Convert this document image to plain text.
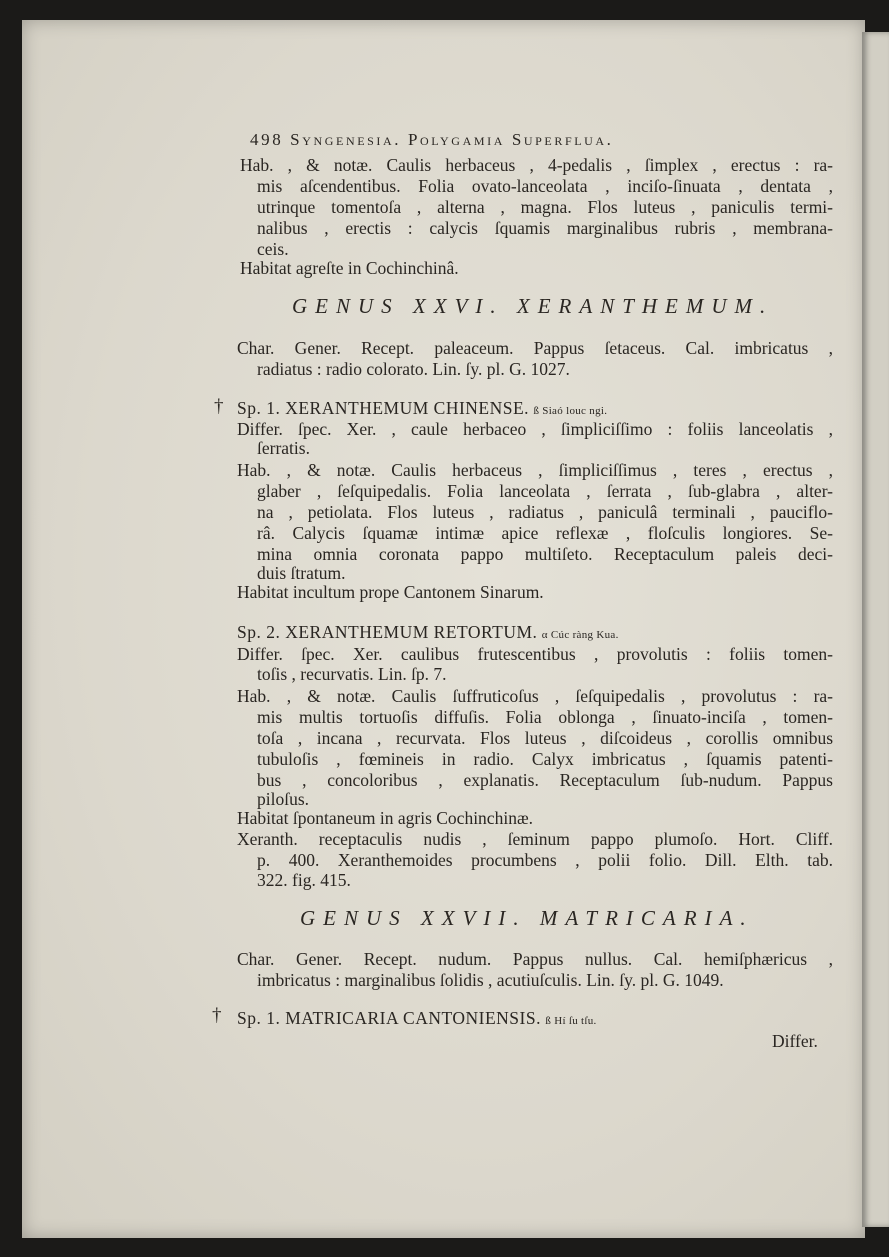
498 Syngenesia. Polygamia Superflua.
Hab. , & notæ. Caulis herbaceus , 4-pedalis , ſimplex , erectus : ra-
mis aſcendentibus. Folia ovato-lanceolata , inciſo-ſinuata , dentata ,
utrinque tomentoſa , alterna , magna. Flos luteus , paniculis termi-
nalibus , erectis : calycis ſquamis marginalibus rubris , membrana-
ceis.
Habitat agreſte in Cochinchinâ.
GENUS XXVI. XERANTHEMUM.
Char. Gener. Recept. paleaceum. Pappus ſetaceus. Cal. imbricatus ,
radiatus : radio colorato. Lin. ſy. pl. G. 1027.
† Sp. 1. XERANTHEMUM CHINENSE. ß Siaó louc ngi.
Differ. ſpec. Xer. , caule herbaceo , ſimpliciſſimo : foliis lanceolatis ,
ſerratis.
Hab. , & notæ. Caulis herbaceus , ſimpliciſſimus , teres , erectus ,
glaber , ſeſquipedalis. Folia lanceolata , ſerrata , ſub-glabra , alter-
na , petiolata. Flos luteus , radiatus , paniculâ terminali , pauciflo-
râ. Calycis ſquamæ intimæ apice reflexæ , floſculis longiores. Se-
mina omnia coronata pappo multiſeto. Receptaculum paleis deci-
duis ſtratum.
Habitat incultum prope Cantonem Sinarum.
Sp. 2. XERANTHEMUM RETORTUM. α Cúc ràng Kua.
Differ. ſpec. Xer. caulibus frutescentibus , provolutis : foliis tomen-
toſis , recurvatis. Lin. ſp. 7.
Hab. , & notæ. Caulis ſuffruticoſus , ſeſquipedalis , provolutus : ra-
mis multis tortuoſis diffuſis. Folia oblonga , ſinuato-inciſa , tomen-
toſa , incana , recurvata. Flos luteus , diſcoideus , corollis omnibus
tubuloſis , fœmineis in radio. Calyx imbricatus , ſquamis patenti-
bus , concoloribus , explanatis. Receptaculum ſub-nudum. Pappus
piloſus.
Habitat ſpontaneum in agris Cochinchinæ.
Xeranth. receptaculis nudis , ſeminum pappo plumoſo. Hort. Cliff.
p. 400. Xeranthemoides procumbens , polii folio. Dill. Elth. tab.
322. fig. 415.
GENUS XXVII. MATRICARIA.
Char. Gener. Recept. nudum. Pappus nullus. Cal. hemiſphæricus ,
imbricatus : marginalibus ſolidis , acutiuſculis. Lin. ſy. pl. G. 1049.
† Sp. 1. MATRICARIA CANTONIENSIS. ß Hí ſu tſu.
Differ.
